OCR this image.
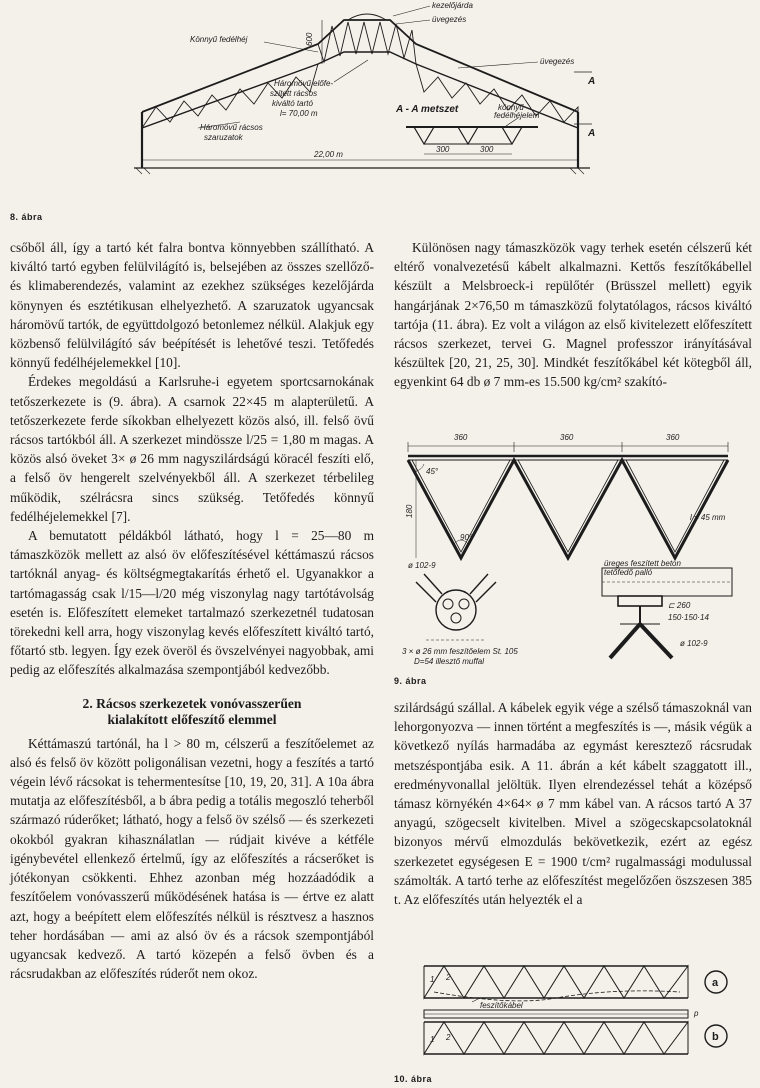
kezelőjárda
üvegezés
Könnyű fedélhéj	600
üvegezés
A
A
Háromövű előfe- szített rácsos kiváltó tartó l= 70,00 m	A - A metszet	könnyű fedélhéjelem
Háromövű rácsos szaruzatok
22,00 m
300	300
8. ábra

csőből áll, így a tartó két falra bontva könnyebben szállítható. A kiváltó tartó egyben felülvilágító is, belsejében az összes szellőző- és klimaberendezés, valamint az ezekhez szükséges kezelőjárda könynyen és esztétikusan elhelyezhető. A szaruzatok ugyancsak háromövű tartók, de együttdolgozó betonlemez nélkül. Alakjuk egy közbenső felülvilágító sáv beépítését is lehetővé teszi. Tetőfedés könnyű fedélhéjelemekkel [10].

Érdekes megoldású a Karlsruhe-i egyetem sportcsarnokának tetőszerkezete is (9. ábra). A csarnok 22×45 m alapterületű. A tetőszerkezete ferde síkokban elhelyezett közös alsó, ill. felső övű rácsos tartókból áll. A szerkezet mindössze l/25 = 1,80 m magas. A közös alsó öveket 3× ø 26 mm nagyszilárdságú köracél feszíti elő, a felső öv hengerelt szelvényekből áll. A szerkezet térbelileg működik, szélrácsra sincs szükség. Tetőfedés könnyű fedélhéjelemekkel [7].

A bemutatott példákból látható, hogy l = 25—80 m támaszközök mellett az alsó öv előfeszítésével kéttámaszú rácsos tartóknál anyag- és költségmegtakarítás érhető el. Ugyanakkor a tartómagasság csak l/15—l/20 még viszonylag nagy tartótávolság esetén is. Előfeszített elemeket tartalmazó szerkezetnél tudatosan törekedni kell arra, hogy viszonylag kevés előfeszített kiváltó tartó, főtartó stb. legyen. Így ezek överöl és övszelvényei nagyobbak, ami pedig az előfeszítés alkalmazása szempontjából kedvezőbb.

2. Rácsos szerkezetek vonóvasszerűen
kialakított előfeszítő elemmel

Kéttámaszú tartónál, ha l > 80 m, célszerű a feszítőelemet az alsó és felső öv között poligonálisan vezetni, hogy a feszítés a tartó végein lévő rácsokat is tehermentesítse [10, 19, 20, 31]. A 10a ábra mutatja az előfeszítésből, a b ábra pedig a totális megoszló teherből származó rúderőket; látható, hogy a felső öv szélső — és szerkezeti okokból gyakran kihasználatlan — rúdjait kivéve a kétféle igénybevétel ellenkező értelmű, így az előfeszítés a rácserőket is jótékonyan csökkenti. Ehhez azonban még hozzáadódik a feszítőelem vonóvasszerű működésének hatása is — értve ez alatt azt, hogy a beépített elem előfeszítés nélkül is résztvesz a hasznos teher hordásában — ami az alsó öv és a rácsok szempontjából ugyancsak kedvező. A tartó közepén a felső övben és a rácsrudakban az előfeszítés rúderőt nem okoz.

Különösen nagy támaszközök vagy terhek esetén célszerű két eltérő vonalvezetésű kábelt alkalmazni. Kettős feszítőkábellel készült a Melsbroeck-i repülőtér (Brüsszel mellett) egyik hangárjának 2×76,50 m támaszközű folytatólagos, rácsos kiváltó tartója (11. ábra). Ez volt a világon az első kivitelezett előfeszített rácsos szerkezet, tervei G. Magnel professzor irányításával készültek [20, 21, 25, 30]. Mindkét feszítőkábel két kötegből áll, egyenkint 64 db ø 7 mm-es 15.500 kg/cm² szakító-

360	360	360
45°
180
90°
l = 45 mm
ø 102-9	üreges feszített beton tetőfedő palló
⊏ 260
150·150·14
ø 102-9
3 × ø 26 mm feszítőelem St. 105 D=54 illesztő muffal
9. ábra

szilárdságú szállal. A kábelek egyik vége a szélső támaszoknál van lehorgonyozva — innen történt a megfeszítés is —, másik végük a következő nyílás harmadába az egymást keresztező rácsrudak metszéspontjába esik. A 11. ábrán a két kábelt szaggatott ill., eredményvonallal jelöltük. Ilyen elrendezéssel tehát a középső támasz környékén 4×64× ø 7 mm kábel van. A rácsos tartó A 37 anyagú, szögecselt kivitelben. Mivel a szögecskapcsolatoknál bizonyos mérvű elmozdulás bekövetkezik, ezért az egész szerkezetet egységesen E = 1900 t/cm² rugalmassági modulussal számolták. A tartó terhe az előfeszítést megelőzően öszszesen 385 t. Az előfeszítés után helyezték el a

a
b
p
feszítőkábel
1 2
1 2
10. ábra
